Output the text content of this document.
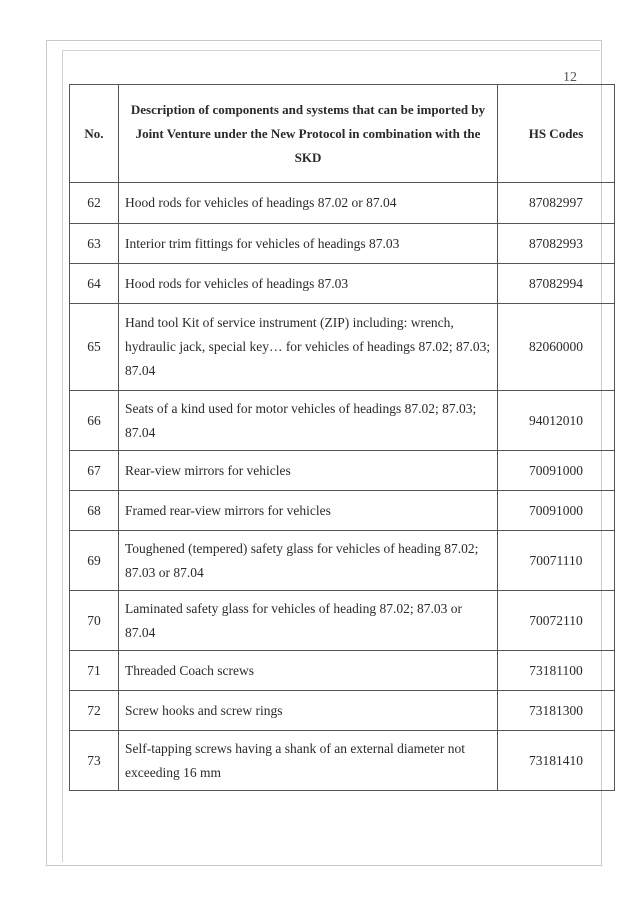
12
No.	Description of components and systems that can be imported by Joint Venture under the New Protocol in combination with the SKD	HS Codes
62	Hood rods for vehicles of headings 87.02 or 87.04	87082997
63	Interior trim fittings for vehicles of headings 87.03	87082993
64	Hood rods for vehicles of headings 87.03	87082994
65	Hand tool Kit of service instrument (ZIP) including: wrench, hydraulic jack, special key… for vehicles of headings 87.02; 87.03; 87.04	82060000
66	Seats of a kind used for motor vehicles of headings 87.02; 87.03; 87.04	94012010
67	Rear-view mirrors for vehicles	70091000
68	Framed rear-view mirrors for vehicles	70091000
69	Toughened (tempered) safety glass for vehicles of heading 87.02; 87.03 or 87.04	70071110
70	Laminated safety glass for vehicles of heading 87.02; 87.03 or 87.04	70072110
71	Threaded Coach screws	73181100
72	Screw hooks and screw rings	73181300
73	Self-tapping screws having a shank of an external diameter not exceeding 16 mm	73181410
